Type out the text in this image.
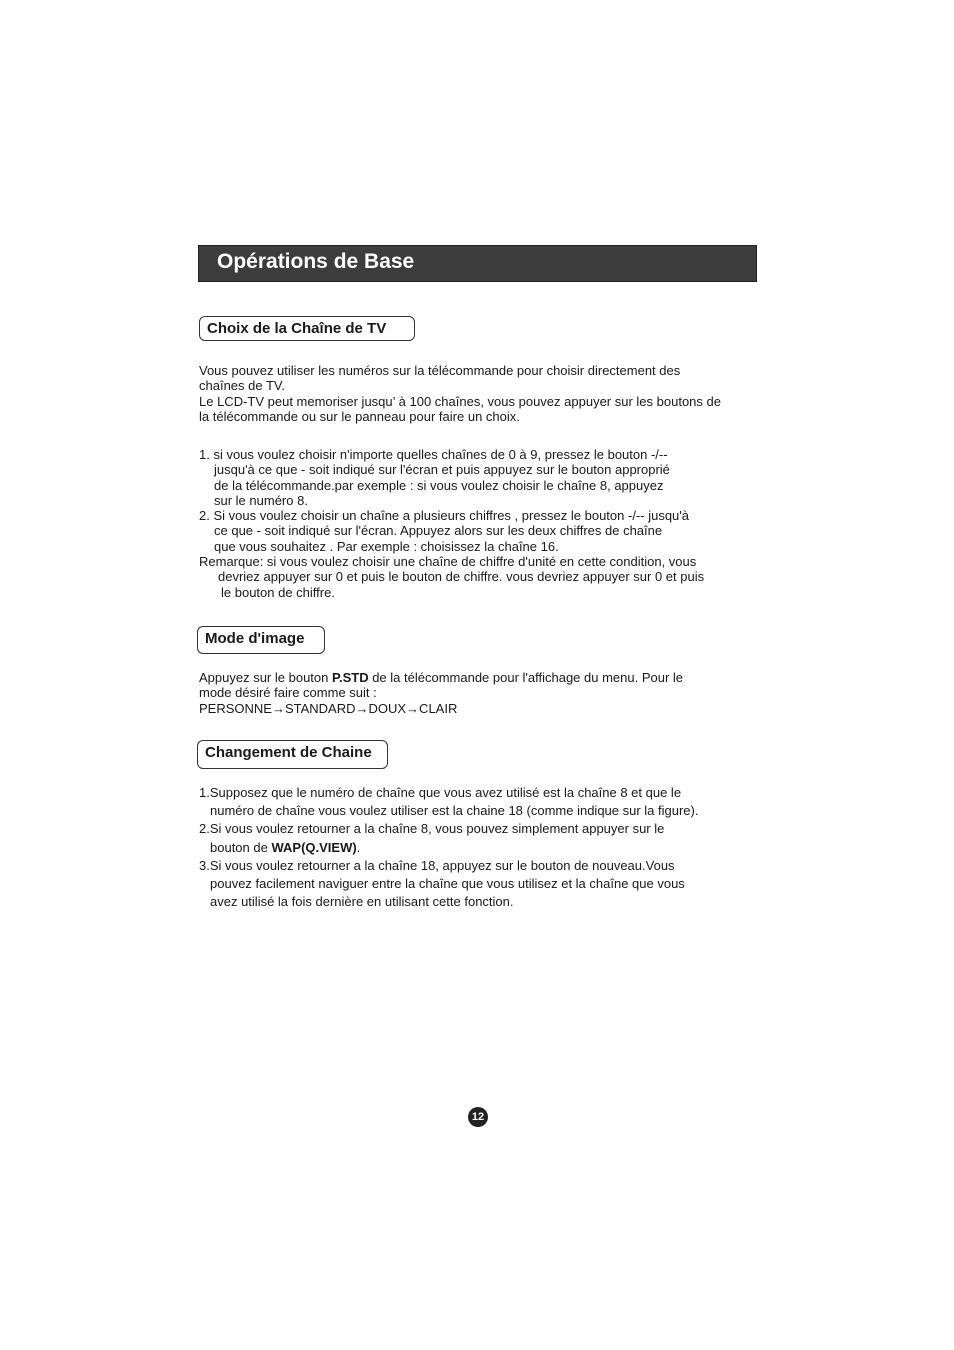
Opérations de Base
Choix de la Chaîne de TV

Vous pouvez utiliser les numéros sur la télécommande pour choisir directement des
chaînes de TV.
Le LCD-TV peut memoriser jusqu’ à 100 chaînes, vous pouvez appuyer sur les boutons de
la télécommande ou sur le panneau pour faire un choix.

1. si vous voulez choisir n'importe quelles chaînes de 0 à 9, pressez le bouton -/--
jusqu'à ce que - soit indiqué sur l'écran et puis appuyez sur le bouton approprié
de la télécommande.par exemple : si vous voulez choisir le chaîne 8, appuyez
sur le numéro 8.
2. Si vous voulez choisir un chaîne a plusieurs chiffres , pressez le bouton -/-- jusqu'à
ce que - soit indiqué sur l'écran. Appuyez alors sur les deux chiffres de chaîne
que vous souhaitez . Par exemple : choisissez la chaîne 16.
Remarque: si vous voulez choisir une chaîne de chiffre d'unité en cette condition, vous
devriez appuyer sur 0 et puis le bouton de chiffre. vous devriez appuyer sur 0 et puis
le bouton de chiffre.

Mode d'image

Appuyez sur le bouton P.STD de la télécommande pour l'affichage du menu. Pour le
mode désiré faire comme suit :
PERSONNE→STANDARD→DOUX→CLAIR

Changement de Chaine

1.Supposez que le numéro de chaîne que vous avez utilisé est la chaîne 8 et que le
numéro de chaîne vous voulez utiliser est la chaine 18 (comme indique sur la figure).
2.Si vous voulez retourner a la chaîne 8, vous pouvez simplement appuyer sur le
bouton de WAP(Q.VIEW).
3.Si vous voulez retourner a la chaîne 18, appuyez sur le bouton de nouveau.Vous
pouvez facilement naviguer entre la chaîne que vous utilisez et la chaîne que vous
avez utilisé la fois dernière en utilisant cette fonction.

12
